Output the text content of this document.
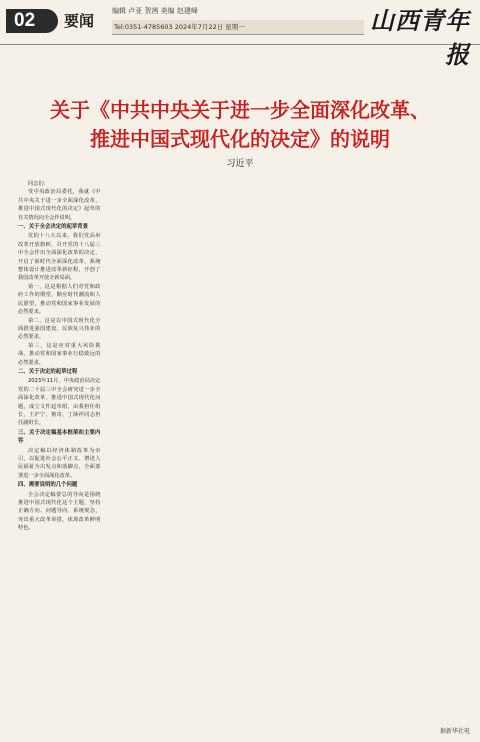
02	要闻
编辑 卢亚 贺茜 美编 赵建峰
Tel:0351-4785603 2024年7月22日 星期一	山西青年报
关于《中共中央关于进一步全面深化改革、
推进中国式现代化的决定》的说明
习近平

同志们：

受中央政治局委托，我就《中共中央关于进一步全面深化改革、推进中国式现代化的决定》起草的有关情况向全会作说明。

一、关于全会决定的起草背景

党的十八大以来，我们党高举改革开放旗帜，召开党的十八届三中全会作出全面深化改革的决定，开启了新时代全面深化改革、系统整体设计推进改革新征程，开创了我国改革开放全新局面。

第一，这是根据人们对党和政府工作的期望，顺应时代潮流和人民愿望，推动党和国家事业发展的必然要求。

第二，这是以中国式现代化全面推进强国建设、民族复兴伟业的必然要求。

第三，这是应对重大风险挑战、推动党和国家事业行稳致远的必然要求。

二、关于决定的起草过程

2023年11月，中央政治局决定党的二十届三中全会研究进一步全面深化改革、推进中国式现代化问题，成立文件起草组，由我担任组长，王沪宁、蔡奇、丁薛祥同志担任副组长。

三、关于决定稿基本框架和主要内容

决定稿以经济体制改革为牵引，以促进社会公平正义、增进人民福祉为出发点和落脚点，全面部署进一步全面深化改革。

四、需要说明的几个问题

全会决定稿要总的导向是围绕推进中国式现代化这个主题，坚持正确方向、问题导向、系统观念，突出重大改革举措，体现改革鲜明特色。

据新华社电
